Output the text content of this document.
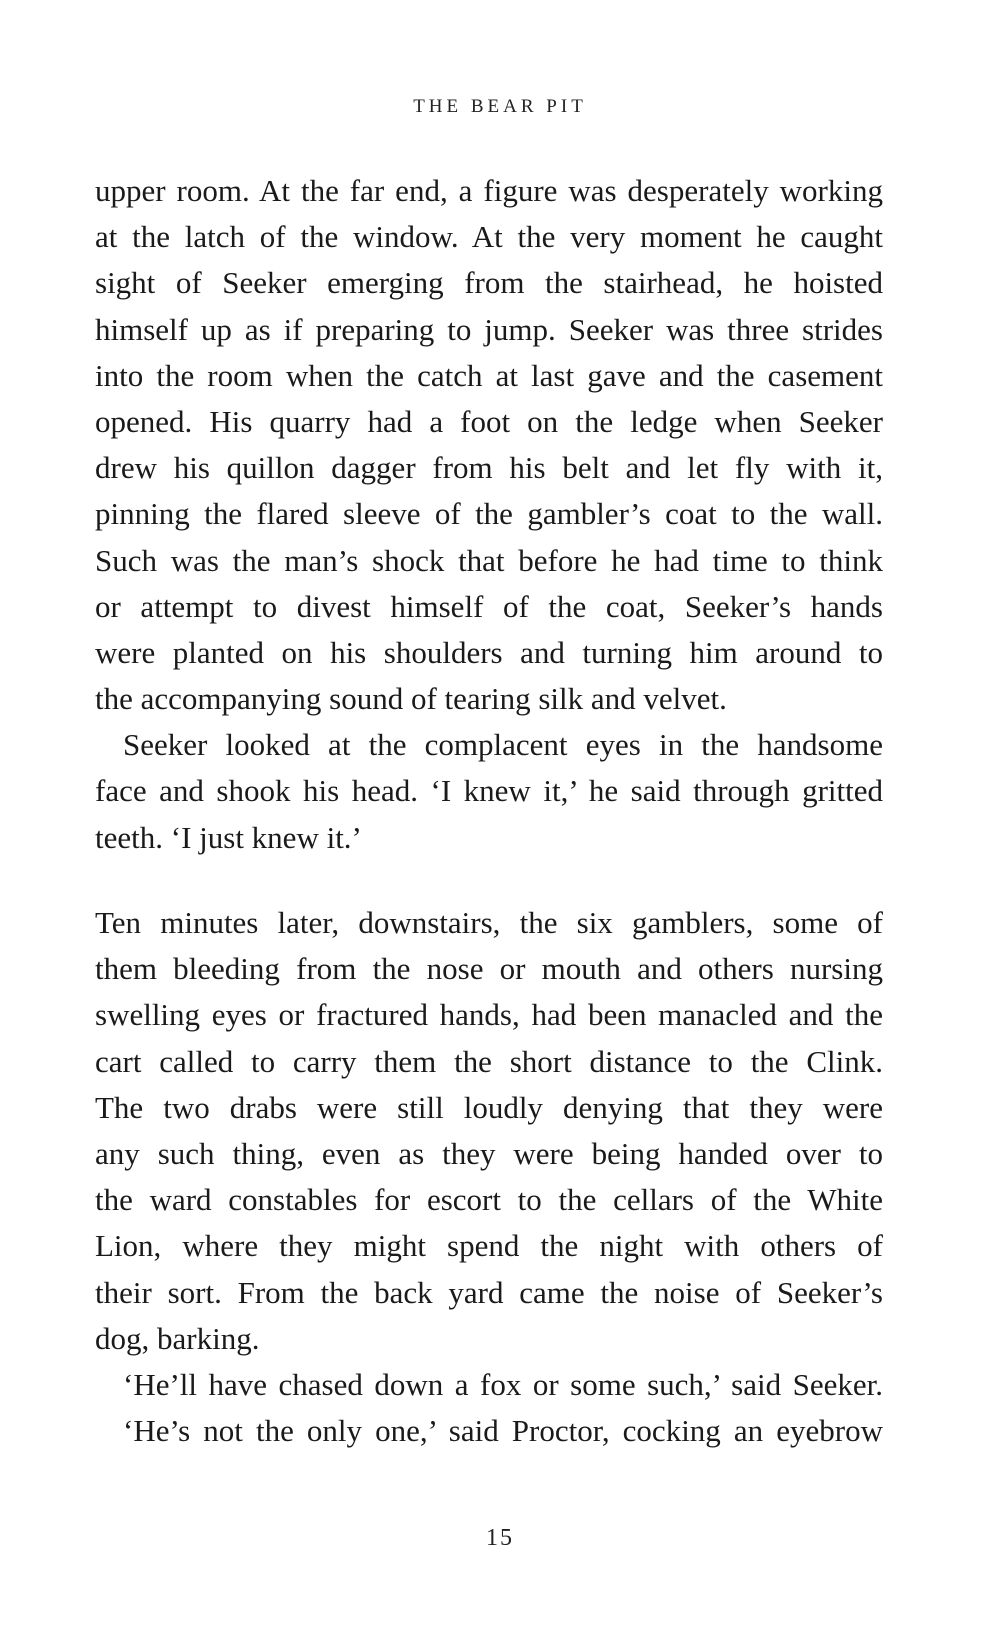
THE BEAR PIT
upper room. At the far end, a figure was desperately working
at the latch of the window. At the very moment he caught
sight of Seeker emerging from the stairhead, he hoisted
himself up as if preparing to jump. Seeker was three strides
into the room when the catch at last gave and the casement
opened. His quarry had a foot on the ledge when Seeker
drew his quillon dagger from his belt and let fly with it,
pinning the flared sleeve of the gambler’s coat to the wall.
Such was the man’s shock that before he had time to think
or attempt to divest himself of the coat, Seeker’s hands
were planted on his shoulders and turning him around to
the accompanying sound of tearing silk and velvet.
Seeker looked at the complacent eyes in the handsome
face and shook his head. ‘I knew it,’ he said through gritted
teeth. ‘I just knew it.’
Ten minutes later, downstairs, the six gamblers, some of
them bleeding from the nose or mouth and others nursing
swelling eyes or fractured hands, had been manacled and the
cart called to carry them the short distance to the Clink.
The two drabs were still loudly denying that they were
any such thing, even as they were being handed over to
the ward constables for escort to the cellars of the White
Lion, where they might spend the night with others of
their sort. From the back yard came the noise of Seeker’s
dog, barking.
‘He’ll have chased down a fox or some such,’ said Seeker.
‘He’s not the only one,’ said Proctor, cocking an eyebrow
15
